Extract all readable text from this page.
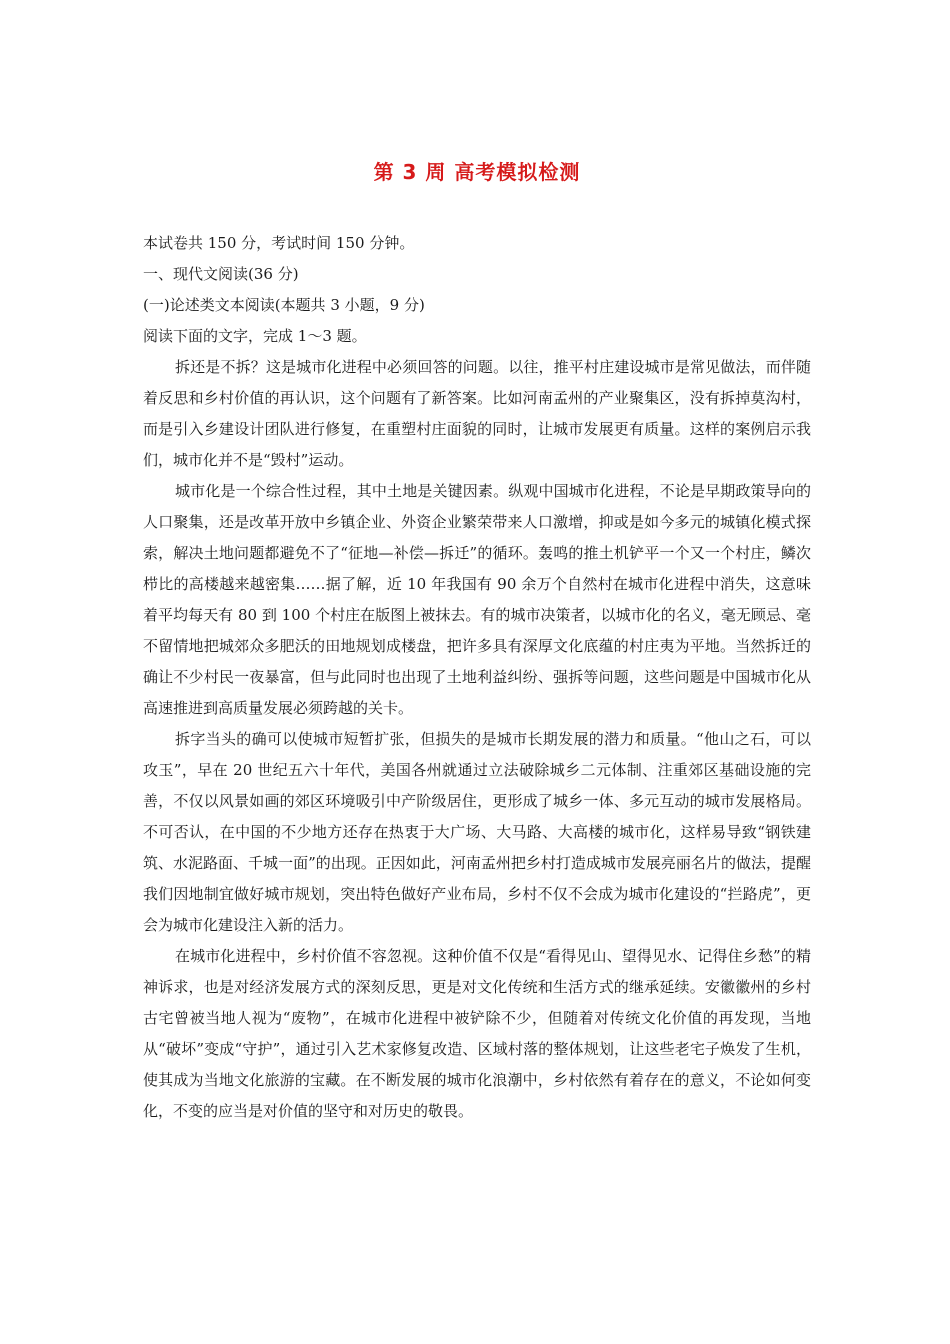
第 3 周 高考模拟检测
本试卷共 150 分，考试时间 150 分钟。
一、现代文阅读(36 分)
(一)论述类文本阅读(本题共 3 小题，9 分)
阅读下面的文字，完成 1～3 题。

拆还是不拆？这是城市化进程中必须回答的问题。以往，推平村庄建设城市是常见做法，而伴随着反思和乡村价值的再认识，这个问题有了新答案。比如河南孟州的产业聚集区，没有拆掉莫沟村，而是引入乡建设计团队进行修复，在重塑村庄面貌的同时，让城市发展更有质量。这样的案例启示我们，城市化并不是“毁村”运动。

城市化是一个综合性过程，其中土地是关键因素。纵观中国城市化进程，不论是早期政策导向的人口聚集，还是改革开放中乡镇企业、外资企业繁荣带来人口激增，抑或是如今多元的城镇化模式探索，解决土地问题都避免不了“征地—补偿—拆迁”的循环。轰鸣的推土机铲平一个又一个村庄，鳞次栉比的高楼越来越密集……据了解，近 10 年我国有 90 余万个自然村在城市化进程中消失，这意味着平均每天有 80 到 100 个村庄在版图上被抹去。有的城市决策者，以城市化的名义，毫无顾忌、毫不留情地把城郊众多肥沃的田地规划成楼盘，把许多具有深厚文化底蕴的村庄夷为平地。当然拆迁的确让不少村民一夜暴富，但与此同时也出现了土地利益纠纷、强拆等问题，这些问题是中国城市化从高速推进到高质量发展必须跨越的关卡。

拆字当头的确可以使城市短暂扩张，但损失的是城市长期发展的潜力和质量。“他山之石，可以攻玉”，早在 20 世纪五六十年代，美国各州就通过立法破除城乡二元体制、注重郊区基础设施的完善，不仅以风景如画的郊区环境吸引中产阶级居住，更形成了城乡一体、多元互动的城市发展格局。不可否认，在中国的不少地方还存在热衷于大广场、大马路、大高楼的城市化，这样易导致“钢铁建筑、水泥路面、千城一面”的出现。正因如此，河南孟州把乡村打造成城市发展亮丽名片的做法，提醒我们因地制宜做好城市规划，突出特色做好产业布局，乡村不仅不会成为城市化建设的“拦路虎”，更会为城市化建设注入新的活力。

在城市化进程中，乡村价值不容忽视。这种价值不仅是“看得见山、望得见水、记得住乡愁”的精神诉求，也是对经济发展方式的深刻反思，更是对文化传统和生活方式的继承延续。安徽徽州的乡村古宅曾被当地人视为“废物”，在城市化进程中被铲除不少，但随着对传统文化价值的再发现，当地从“破坏”变成“守护”，通过引入艺术家修复改造、区域村落的整体规划，让这些老宅子焕发了生机，使其成为当地文化旅游的宝藏。在不断发展的城市化浪潮中，乡村依然有着存在的意义，不论如何变化，不变的应当是对价值的坚守和对历史的敬畏。
